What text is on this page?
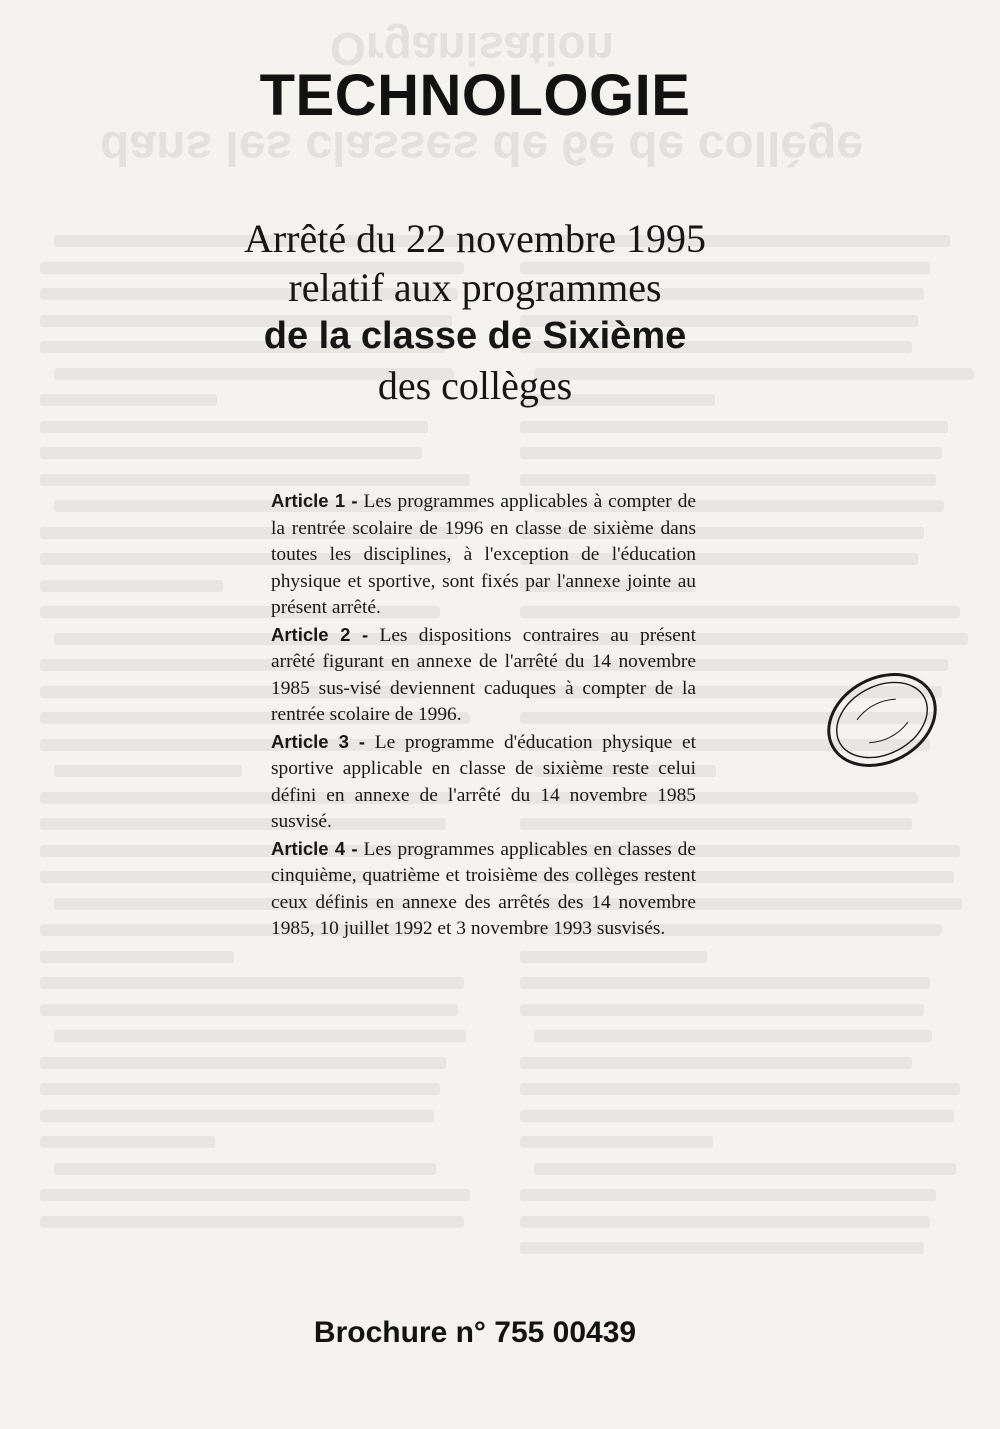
Organisation
dans les classes de 6e de collège
TECHNOLOGIE
Arrêté du 22 novembre 1995
relatif aux programmes
de la classe de Sixième
des collèges

Article 1 - Les programmes applicables à compter de la rentrée scolaire de 1996 en classe de sixième dans toutes les disciplines, à l'exception de l'éducation physique et sportive, sont fixés par l'annexe jointe au présent arrêté.

Article 2 - Les dispositions contraires au présent arrêté figurant en annexe de l'arrêté du 14 novembre 1985 sus-visé deviennent caduques à compter de la rentrée scolaire de 1996.

Article 3 - Le programme d'éducation physique et sportive applicable en classe de sixième reste celui défini en annexe de l'arrêté du 14 novembre 1985 susvisé.

Article 4 - Les programmes applicables en classes de cinquième, quatrième et troisième des collèges restent ceux définis en annexe des arrêtés des 14 novembre 1985, 10 juillet 1992 et 3 novembre 1993 susvisés.

Brochure n° 755 00439
